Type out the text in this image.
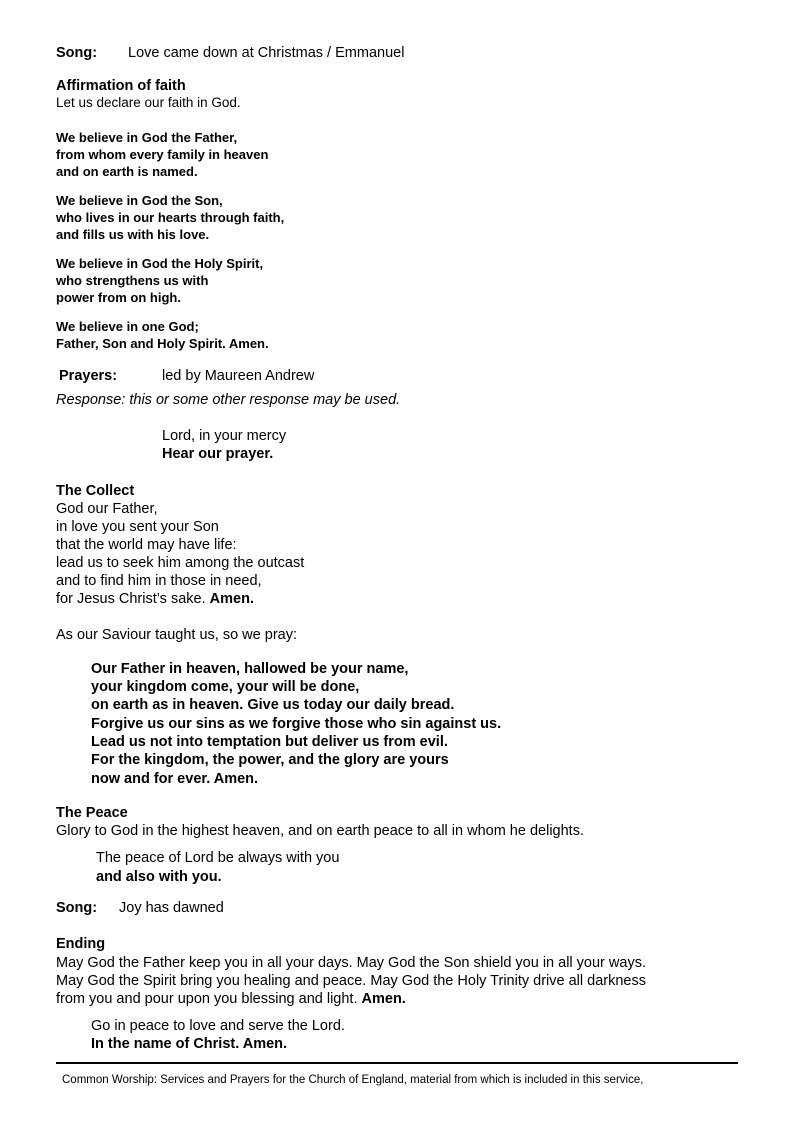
Song: Love came down at Christmas / Emmanuel
Affirmation of faith
Let us declare our faith in God.
We believe in God the Father,
from whom every family in heaven
and on earth is named.
We believe in God the Son,
who lives in our hearts through faith,
and fills us with his love.
We believe in God the Holy Spirit,
who strengthens us with
power from on high.
We believe in one God;
Father, Son and Holy Spirit. Amen.
Prayers:	led by Maureen Andrew
Response: this or some other response may be used.
Lord, in your mercy
Hear our prayer.
The Collect
God our Father,
in love you sent your Son
that the world may have life:
lead us to seek him among the outcast
and to find him in those in need,
for Jesus Christ’s sake. Amen.
As our Saviour taught us, so we pray:
Our Father in heaven, hallowed be your name,
your kingdom come, your will be done,
on earth as in heaven. Give us today our daily bread.
Forgive us our sins as we forgive those who sin against us.
Lead us not into temptation but deliver us from evil.
For the kingdom, the power, and the glory are yours
now and for ever. Amen.
The Peace
Glory to God in the highest heaven, and on earth peace to all in whom he delights.
The peace of Lord be always with you
and also with you.
Song: Joy has dawned
Ending
May God the Father keep you in all your days. May God the Son shield you in all your ways.
May God the Spirit bring you healing and peace. May God the Holy Trinity drive all darkness
from you and pour upon you blessing and light. Amen.
Go in peace to love and serve the Lord.
In the name of Christ. Amen.
Common Worship: Services and Prayers for the Church of England, material from which is included in this service,
